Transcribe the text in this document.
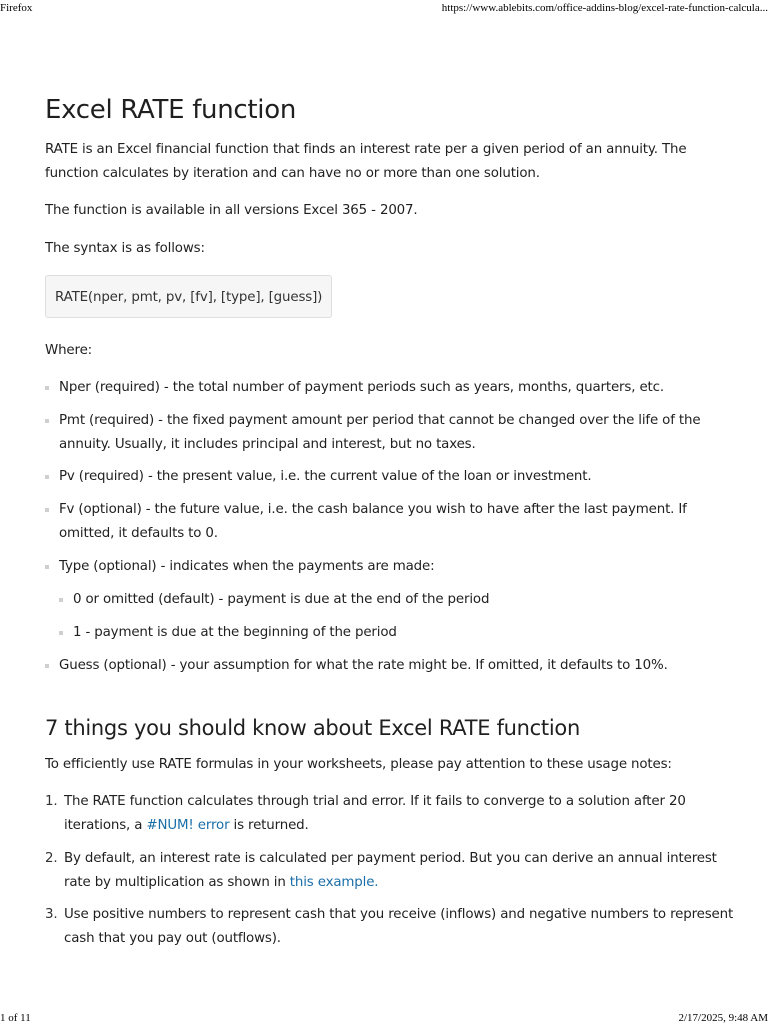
Firefox	https://www.ablebits.com/office-addins-blog/excel-rate-function-calcula...
Excel RATE function

RATE is an Excel financial function that finds an interest rate per a given period of an annuity. The function calculates by iteration and can have no or more than one solution.

The function is available in all versions Excel 365 - 2007.

The syntax is as follows:

RATE(nper, pmt, pv, [fv], [type], [guess])

Where:

Nper (required) - the total number of payment periods such as years, months, quarters, etc.
Pmt (required) - the fixed payment amount per period that cannot be changed over the life of the annuity. Usually, it includes principal and interest, but no taxes.
Pv (required) - the present value, i.e. the current value of the loan or investment.
Fv (optional) - the future value, i.e. the cash balance you wish to have after the last payment. If omitted, it defaults to 0.
Type (optional) - indicates when the payments are made:
0 or omitted (default) - payment is due at the end of the period
1 - payment is due at the beginning of the period
Guess (optional) - your assumption for what the rate might be. If omitted, it defaults to 10%.
7 things you should know about Excel RATE function

To efficiently use RATE formulas in your worksheets, please pay attention to these usage notes:

1. The RATE function calculates through trial and error. If it fails to converge to a solution after 20 iterations, a #NUM! error is returned.
2. By default, an interest rate is calculated per payment period. But you can derive an annual interest rate by multiplication as shown in this example.
3. Use positive numbers to represent cash that you receive (inflows) and negative numbers to represent cash that you pay out (outflows).
1 of 11	2/17/2025, 9:48 AM
